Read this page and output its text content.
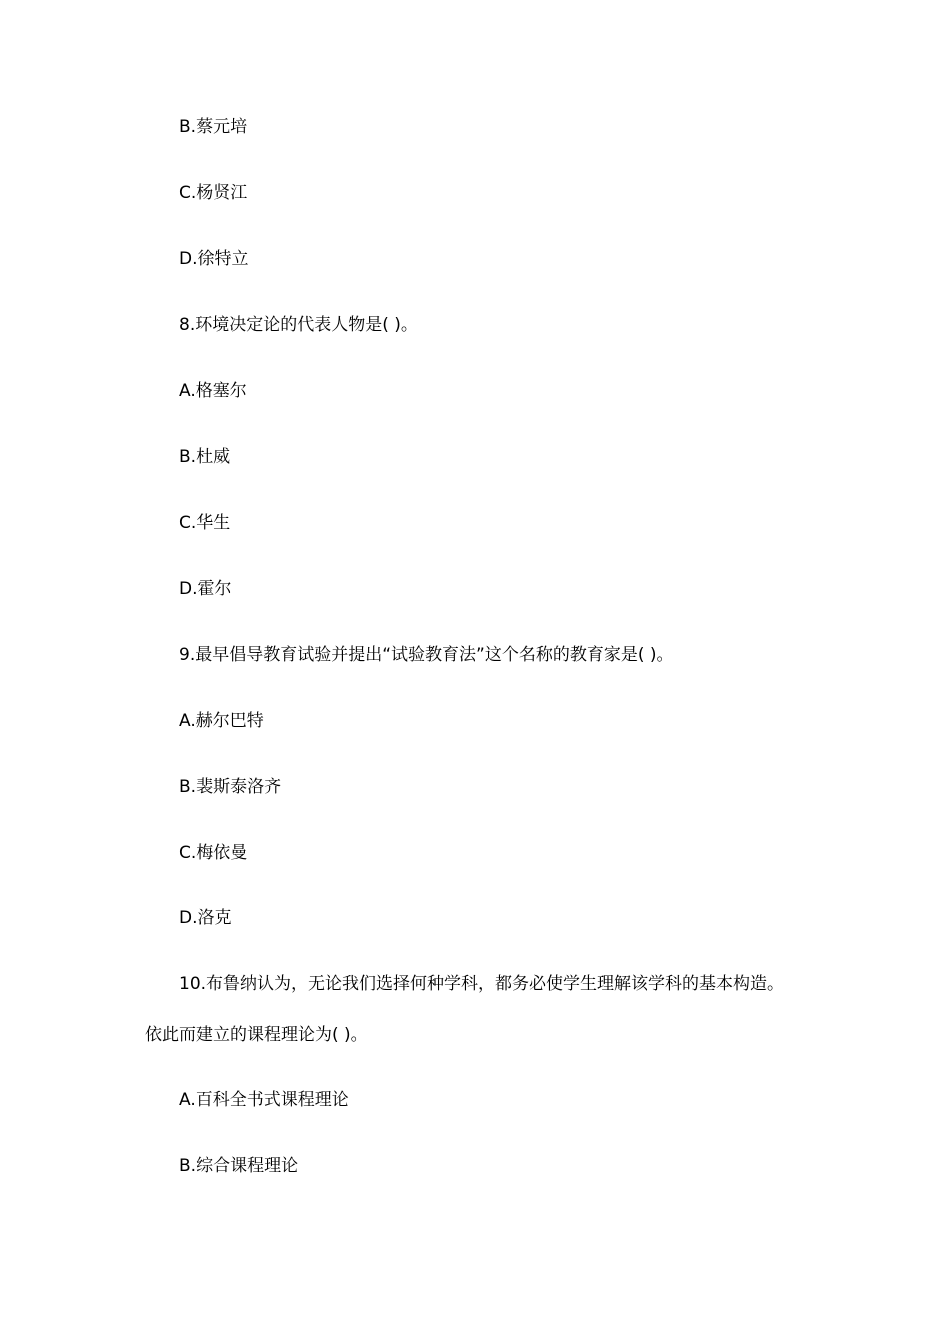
B.蔡元培
C.杨贤江
D.徐特立
8.环境决定论的代表人物是( )。
A.格塞尔
B.杜威
C.华生
D.霍尔
9.最早倡导教育试验并提出“试验教育法”这个名称的教育家是( )。
A.赫尔巴特
B.裴斯泰洛齐
C.梅依曼
D.洛克
10.布鲁纳认为，无论我们选择何种学科，都务必使学生理解该学科的基本构造。
依此而建立的课程理论为( )。
A.百科全书式课程理论
B.综合课程理论
